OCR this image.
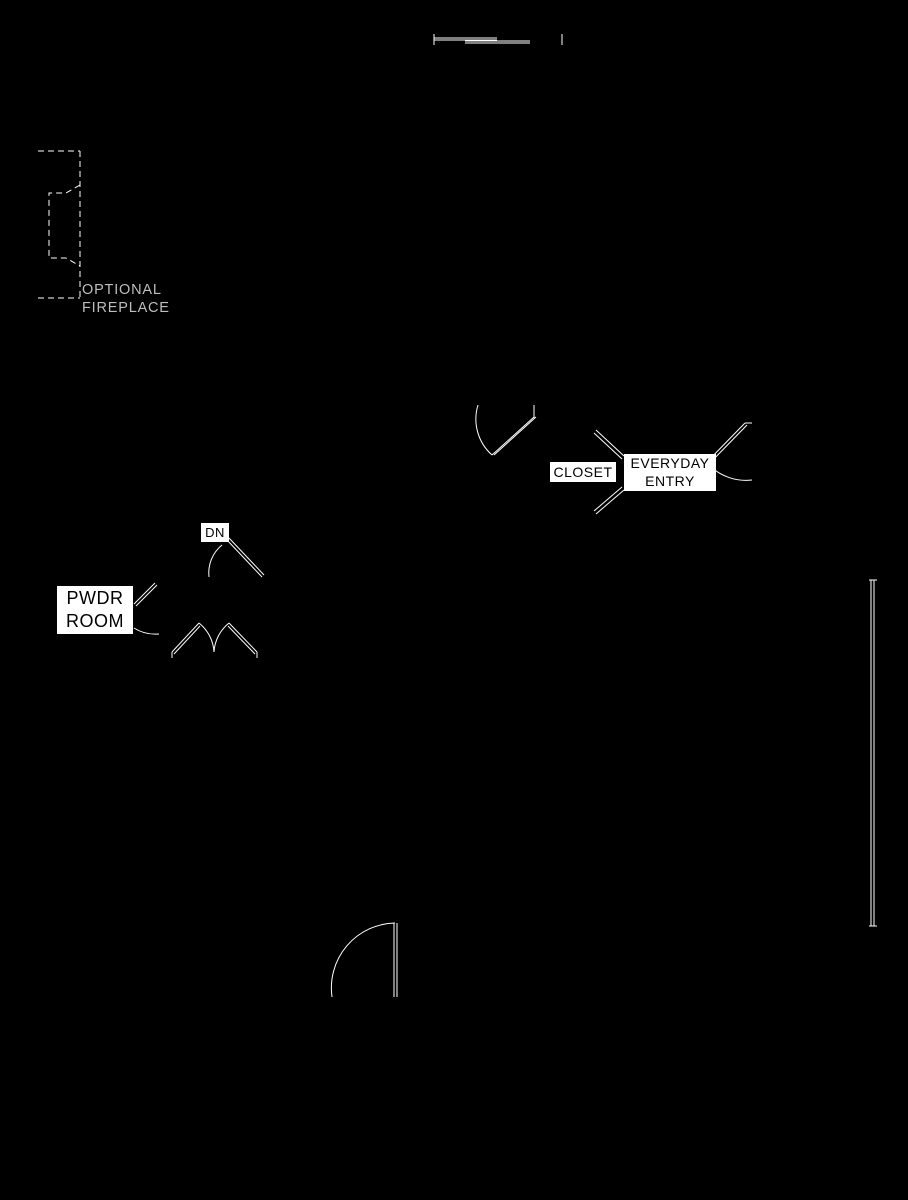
OPTIONAL
FIREPLACE
CLOSET
EVERYDAY
ENTRY
DN
PWDR
ROOM
